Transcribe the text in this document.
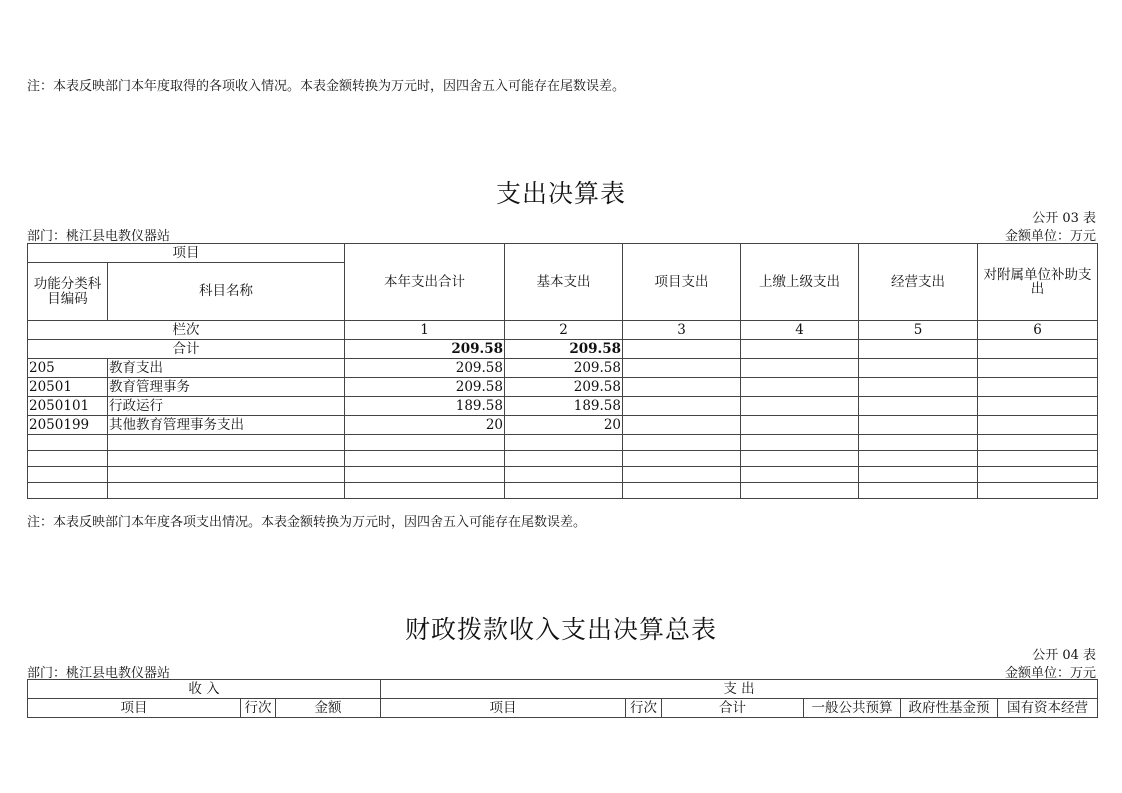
注：本表反映部门本年度取得的各项收入情况。本表金额转换为万元时，因四舍五入可能存在尾数误差。
支出决算表
公开 03 表
部门：桃江县电教仪器站	金额单位：万元
项目		本年支出合计	基本支出	项目支出	上缴上级支出	经营支出	对附属单位补助支出
功能分类科目编码	科目名称						
栏次		1	2	3	4	5	6
合计		209.58	209.58				
205	教育支出	209.58	209.58				
20501	教育管理事务	209.58	209.58				
2050101	行政运行	189.58	189.58				
2050199	其他教育管理事务支出	20	20				

注：本表反映部门本年度各项支出情况。本表金额转换为万元时，因四舍五入可能存在尾数误差。
财政拨款收入支出决算总表
公开 04 表
部门：桃江县电教仪器站	金额单位：万元
收 入			支 出					
项目	行次	金额	项目	行次	合计	一般公共预算	政府性基金预	国有资本经营
